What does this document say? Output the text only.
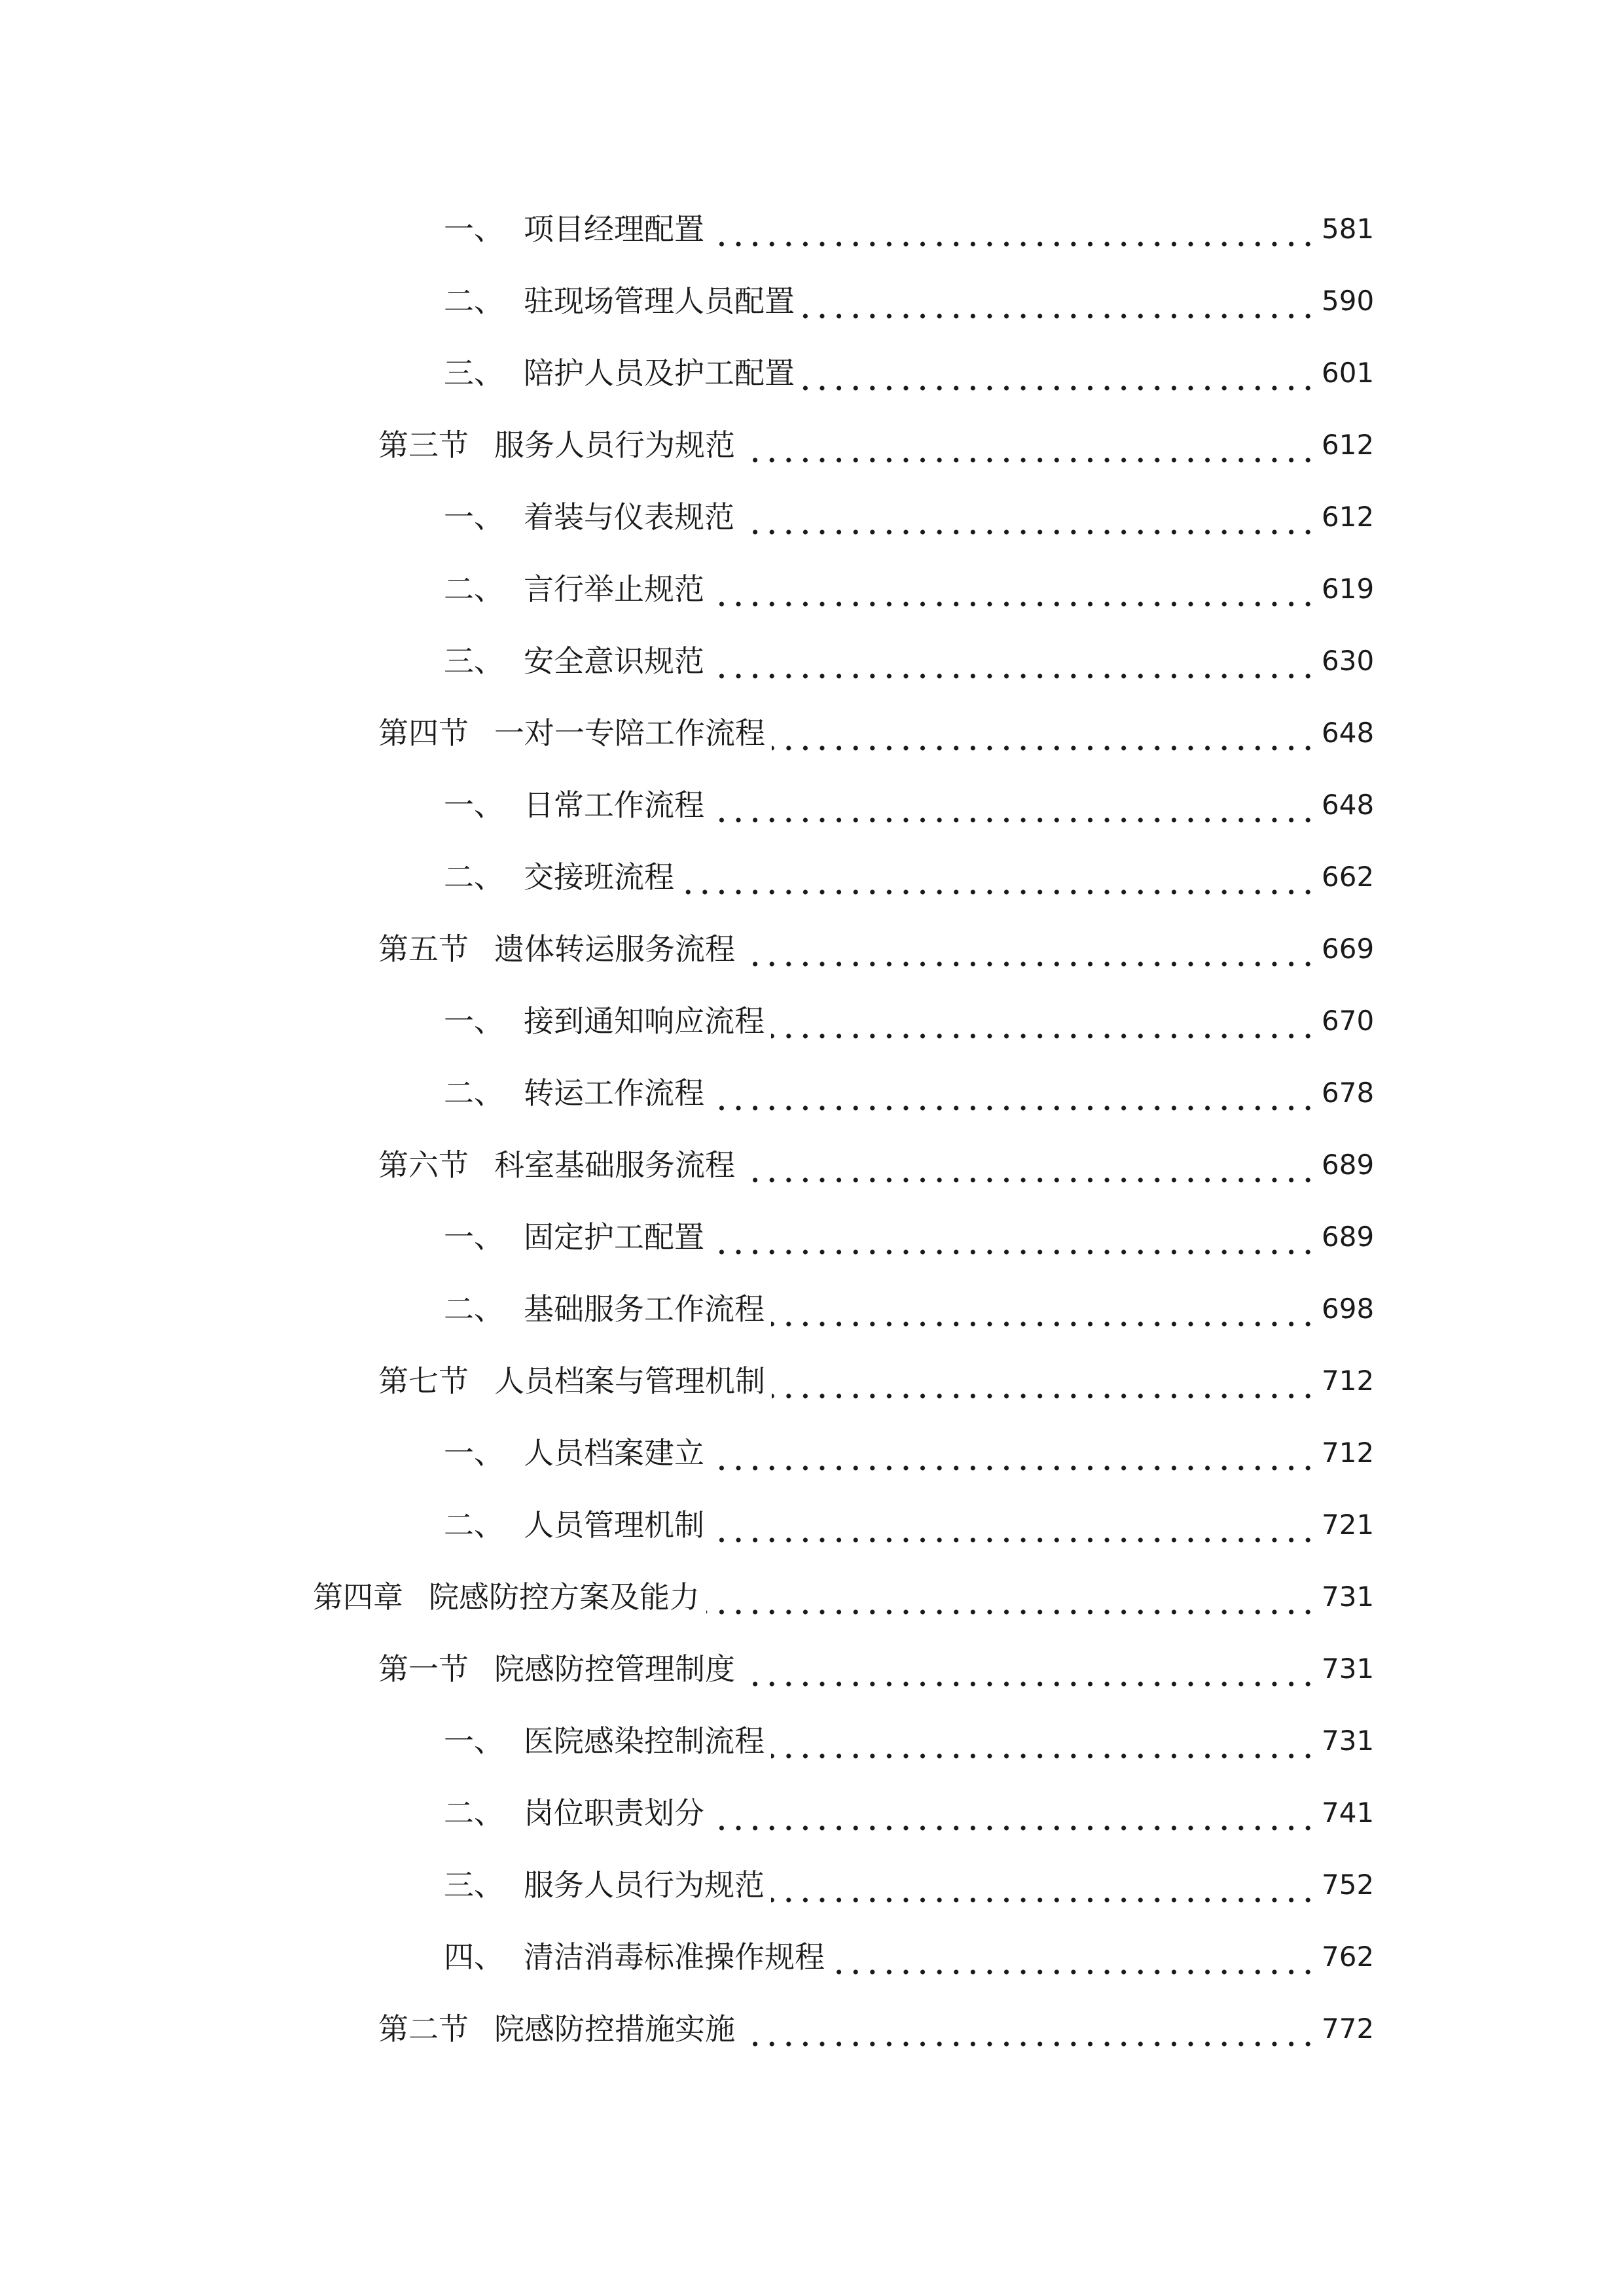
一、 项目经理配置	581
二、 驻现场管理人员配置	590
三、 陪护人员及护工配置	601
第三节 服务人员行为规范	612
一、 着装与仪表规范	612
二、 言行举止规范	619
三、 安全意识规范	630
第四节 一对一专陪工作流程	648
一、 日常工作流程	648
二、 交接班流程	662
第五节 遗体转运服务流程	669
一、 接到通知响应流程	670
二、 转运工作流程	678
第六节 科室基础服务流程	689
一、 固定护工配置	689
二、 基础服务工作流程	698
第七节 人员档案与管理机制	712
一、 人员档案建立	712
二、 人员管理机制	721
第四章 院感防控方案及能力	731
第一节 院感防控管理制度	731
一、 医院感染控制流程	731
二、 岗位职责划分	741
三、 服务人员行为规范	752
四、 清洁消毒标准操作规程	762
第二节 院感防控措施实施	772
